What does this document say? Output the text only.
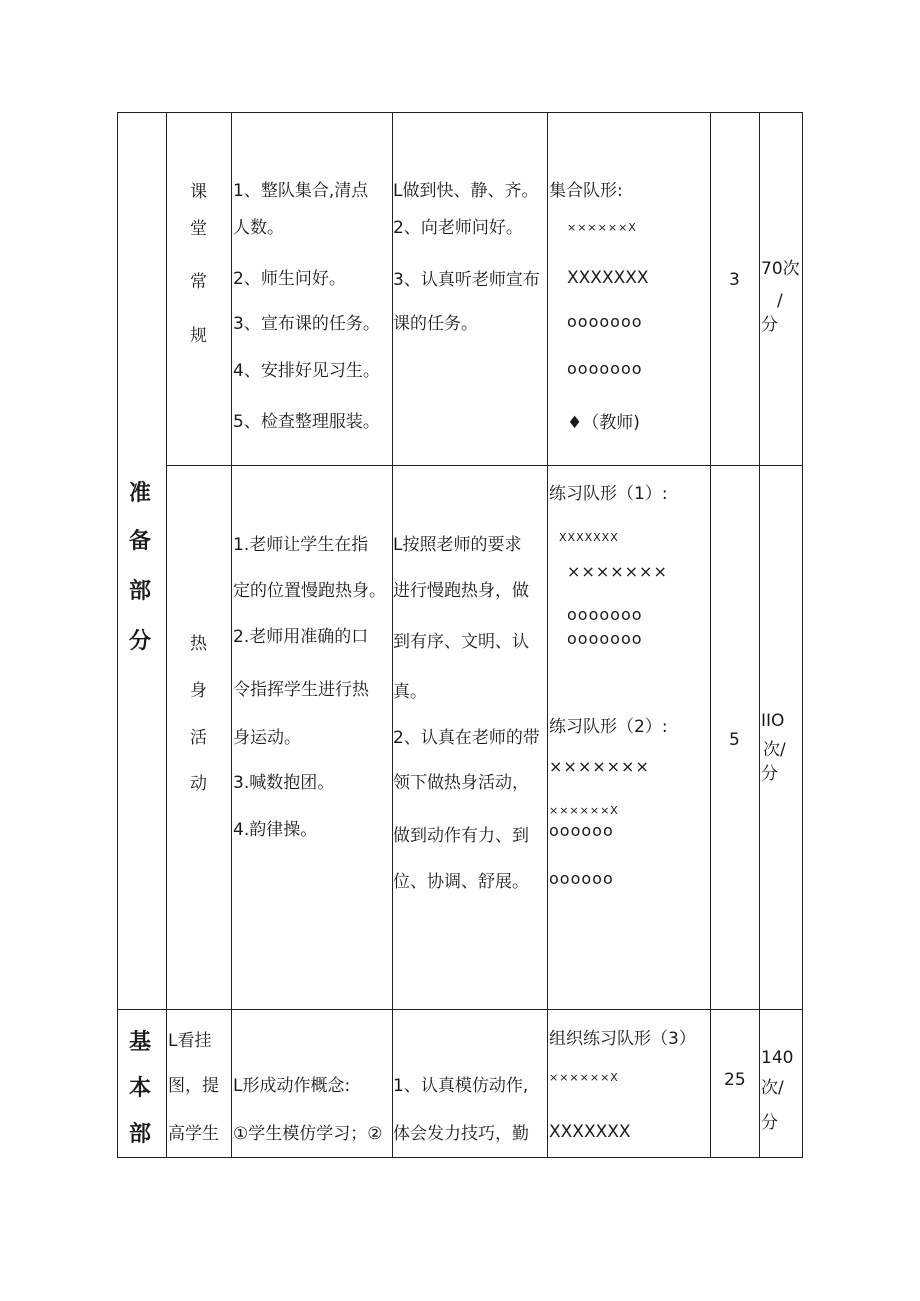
准
备
部
分
课
堂
常
规
1、整队集合,清点
人数。
2、师生问好。
3、宣布课的任务。
4、安排好见习生。
5、检查整理服装。
L做到快、静、齐。
2、向老师问好。
3、认真听老师宣布
课的任务。
集合队形:
××××××X
XXXXXXX
ooooooo
ooooooo
♦（教师)
3
70次
/
分
热
身
活
动
1.老师让学生在指
定的位置慢跑热身。
2.老师用准确的口
令指挥学生进行热
身运动。
3.喊数抱团。
4.韵律操。
L按照老师的要求
进行慢跑热身，做
到有序、文明、认
真。
2、认真在老师的带
领下做热身活动，
做到动作有力、到
位、协调、舒展。
练习队形（1）:
XXXXXXX
×××××××
ooooooo
ooooooo
练习队形（2）:
×××××××
××××××X
oooooo
oooooo
5
IIO
次/
分
基
本
部
L看挂
图，提
高学生
L形成动作概念:
①学生模仿学习；②
1、认真模仿动作,
体会发力技巧，勤
组织练习队形（3）
××××××X
XXXXXXX
25
140
次/
分
